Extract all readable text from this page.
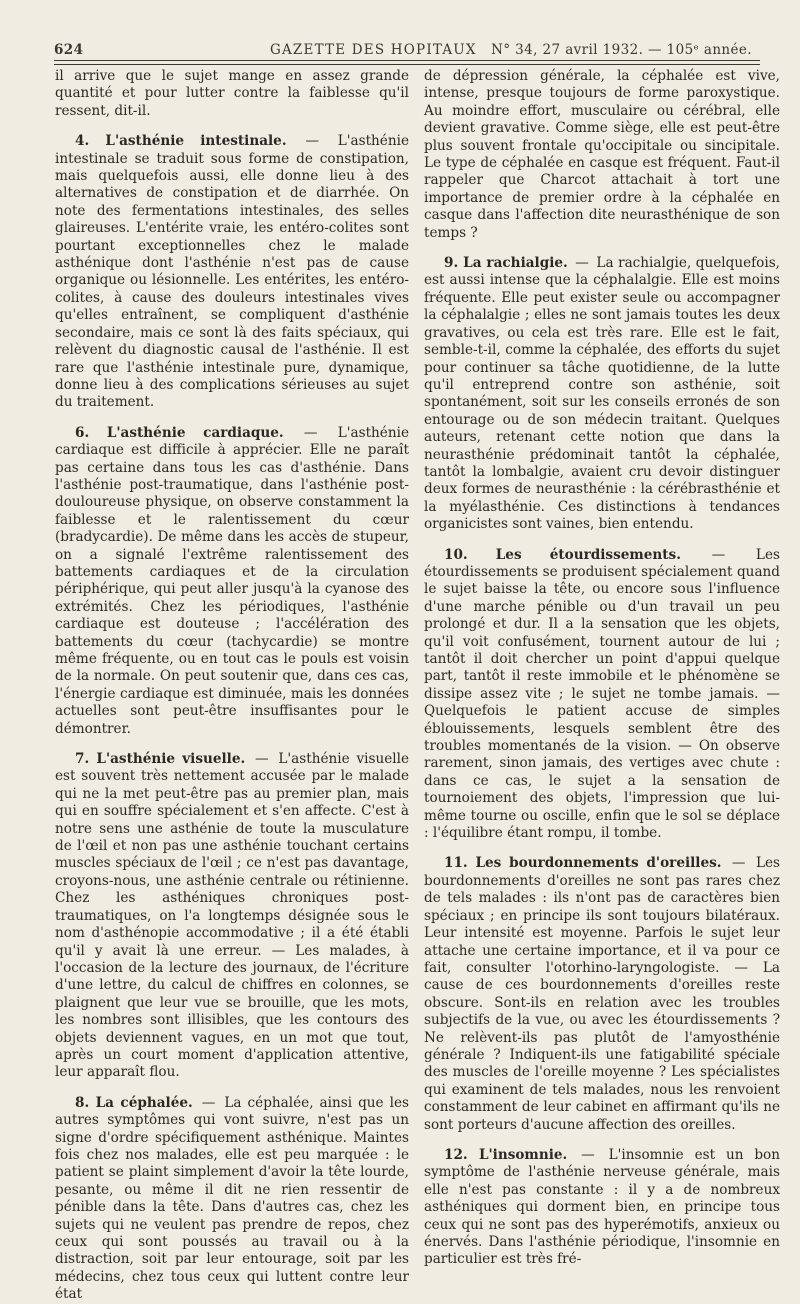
624	GAZETTE DES HOPITAUX N° 34, 27 avril 1932. — 105ᵉ année.

il arrive que le sujet mange en assez grande quantité et pour lutter contre la faiblesse qu'il ressent, dit-il.

4. L'asthénie intestinale. — L'asthénie intestinale se traduit sous forme de constipation, mais quelquefois aussi, elle donne lieu à des alternatives de constipation et de diarrhée. On note des fermentations intestinales, des selles glaireuses. L'entérite vraie, les entéro-colites sont pourtant exceptionnelles chez le malade asthénique dont l'asthénie n'est pas de cause organique ou lésionnelle. Les entérites, les entéro-colites, à cause des douleurs intestinales vives qu'elles entraînent, se compliquent d'asthénie secondaire, mais ce sont là des faits spéciaux, qui relèvent du diagnostic causal de l'asthénie. Il est rare que l'asthénie intestinale pure, dynamique, donne lieu à des complications sérieuses au sujet du traitement.

6. L'asthénie cardiaque. — L'asthénie cardiaque est difficile à apprécier. Elle ne paraît pas certaine dans tous les cas d'asthénie. Dans l'asthénie post-traumatique, dans l'asthénie post-douloureuse physique, on observe constamment la faiblesse et le ralentissement du cœur (bradycardie). De même dans les accès de stupeur, on a signalé l'extrême ralentissement des battements cardiaques et de la circulation périphérique, qui peut aller jusqu'à la cyanose des extrémités. Chez les périodiques, l'asthénie cardiaque est douteuse ; l'accélération des battements du cœur (tachycardie) se montre même fréquente, ou en tout cas le pouls est voisin de la normale. On peut soutenir que, dans ces cas, l'énergie cardiaque est diminuée, mais les données actuelles sont peut-être insuffisantes pour le démontrer.

7. L'asthénie visuelle. — L'asthénie visuelle est souvent très nettement accusée par le malade qui ne la met peut-être pas au premier plan, mais qui en souffre spécialement et s'en affecte. C'est à notre sens une asthénie de toute la musculature de l'œil et non pas une asthénie touchant certains muscles spéciaux de l'œil ; ce n'est pas davantage, croyons-nous, une asthénie centrale ou rétinienne. Chez les asthéniques chroniques post-traumatiques, on l'a longtemps désignée sous le nom d'asthénopie accommodative ; il a été établi qu'il y avait là une erreur. — Les malades, à l'occasion de la lecture des journaux, de l'écriture d'une lettre, du calcul de chiffres en colonnes, se plaignent que leur vue se brouille, que les mots, les nombres sont illisibles, que les contours des objets deviennent vagues, en un mot que tout, après un court moment d'application attentive, leur apparaît flou.

8. La céphalée. — La céphalée, ainsi que les autres symptômes qui vont suivre, n'est pas un signe d'ordre spécifiquement asthénique. Maintes fois chez nos malades, elle est peu marquée : le patient se plaint simplement d'avoir la tête lourde, pesante, ou même il dit ne rien ressentir de pénible dans la tête. Dans d'autres cas, chez les sujets qui ne veulent pas prendre de repos, chez ceux qui sont poussés au travail ou à la distraction, soit par leur entourage, soit par les médecins, chez tous ceux qui luttent contre leur état

de dépression générale, la céphalée est vive, intense, presque toujours de forme paroxystique. Au moindre effort, musculaire ou cérébral, elle devient gravative. Comme siège, elle est peut-être plus souvent frontale qu'occipitale ou sincipitale. Le type de céphalée en casque est fréquent. Faut-il rappeler que Charcot attachait à tort une importance de premier ordre à la céphalée en casque dans l'affection dite neurasthénique de son temps ?

9. La rachialgie. — La rachialgie, quelquefois, est aussi intense que la céphalalgie. Elle est moins fréquente. Elle peut exister seule ou accompagner la céphalalgie ; elles ne sont jamais toutes les deux gravatives, ou cela est très rare. Elle est le fait, semble-t-il, comme la céphalée, des efforts du sujet pour continuer sa tâche quotidienne, de la lutte qu'il entreprend contre son asthénie, soit spontanément, soit sur les conseils erronés de son entourage ou de son médecin traitant. Quelques auteurs, retenant cette notion que dans la neurasthénie prédominait tantôt la céphalée, tantôt la lombalgie, avaient cru devoir distinguer deux formes de neurasthénie : la cérébrasthénie et la myélasthénie. Ces distinctions à tendances organicistes sont vaines, bien entendu.

10. Les étourdissements. — Les étourdissements se produisent spécialement quand le sujet baisse la tête, ou encore sous l'influence d'une marche pénible ou d'un travail un peu prolongé et dur. Il a la sensation que les objets, qu'il voit confusément, tournent autour de lui ; tantôt il doit chercher un point d'appui quelque part, tantôt il reste immobile et le phénomène se dissipe assez vite ; le sujet ne tombe jamais. — Quelquefois le patient accuse de simples éblouissements, lesquels semblent être des troubles momentanés de la vision. — On observe rarement, sinon jamais, des vertiges avec chute : dans ce cas, le sujet a la sensation de tournoiement des objets, l'impression que lui-même tourne ou oscille, enfin que le sol se déplace : l'équilibre étant rompu, il tombe.

11. Les bourdonnements d'oreilles. — Les bourdonnements d'oreilles ne sont pas rares chez de tels malades : ils n'ont pas de caractères bien spéciaux ; en principe ils sont toujours bilatéraux. Leur intensité est moyenne. Parfois le sujet leur attache une certaine importance, et il va pour ce fait, consulter l'otorhino-laryngologiste. — La cause de ces bourdonnements d'oreilles reste obscure. Sont-ils en relation avec les troubles subjectifs de la vue, ou avec les étourdissements ? Ne relèvent-ils pas plutôt de l'amyosthénie générale ? Indiquent-ils une fatigabilité spéciale des muscles de l'oreille moyenne ? Les spécialistes qui examinent de tels malades, nous les renvoient constamment de leur cabinet en affirmant qu'ils ne sont porteurs d'aucune affection des oreilles.

12. L'insomnie. — L'insomnie est un bon symptôme de l'asthénie nerveuse générale, mais elle n'est pas constante : il y a de nombreux asthéniques qui dorment bien, en principe tous ceux qui ne sont pas des hyperémotifs, anxieux ou énervés. Dans l'asthénie périodique, l'insomnie en particulier est très fré-
